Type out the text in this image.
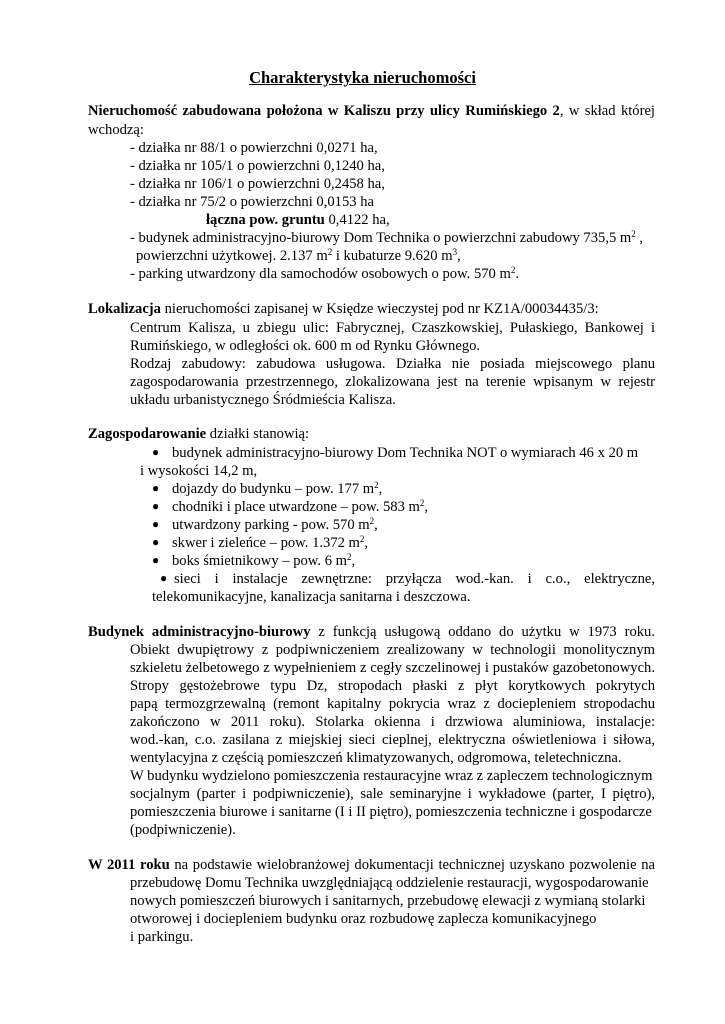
Charakterystyka nieruchomości
Nieruchomość zabudowana położona w Kaliszu przy ulicy Rumińskiego 2, w skład której
wchodzą:
- działka nr 88/1 o powierzchni 0,0271 ha,
- działka nr 105/1 o powierzchni 0,1240 ha,
- działka nr 106/1 o powierzchni 0,2458 ha,
- działka nr 75/2 o powierzchni 0,0153 ha
łączna pow. gruntu 0,4122 ha,
- budynek administracyjno-biurowy Dom Technika o powierzchni zabudowy 735,5 $m^2$ ,
powierzchni użytkowej. 2.137 $m^2$ i kubaturze 9.620 $m^3$,
- parking utwardzony dla samochodów osobowych o pow. 570 $m^2$.
Lokalizacja nieruchomości zapisanej w Księdze wieczystej pod nr KZ1A/00034435/3:
Centrum Kalisza, u zbiegu ulic: Fabrycznej, Czaszkowskiej, Pułaskiego, Bankowej i
Rumińskiego, w odległości ok. 600 m od Rynku Głównego.
Rodzaj zabudowy: zabudowa usługowa. Działka nie posiada miejscowego planu
zagospodarowania przestrzennego, zlokalizowana jest na terenie wpisanym w rejestr
układu urbanistycznego Śródmieścia Kalisza.
Zagospodarowanie działki stanowią:
● budynek administracyjno-biurowy Dom Technika NOT o wymiarach 46 x 20 m
i wysokości 14,2 m,
● dojazdy do budynku – pow. 177 $m^2$,
● chodniki i place utwardzone – pow. 583 $m^2$,
● utwardzony parking - pow. 570 $m^2$,
● skwer i zieleńce – pow. 1.372 $m^2$,
● boks śmietnikowy – pow. 6 $m^2$,
● sieci i instalacje zewnętrzne: przyłącza wod.-kan. i c.o., elektryczne,
telekomunikacyjne, kanalizacja sanitarna i deszczowa.
Budynek administracyjno-biurowy z funkcją usługową oddano do użytku w 1973 roku.
Obiekt dwupiętrowy z podpiwniczeniem zrealizowany w technologii monolitycznym
szkieletu żelbetowego z wypełnieniem z cegły szczelinowej i pustaków gazobetonowych.
Stropy gęstożebrowe typu Dz, stropodach płaski z płyt korytkowych pokrytych
papą termozgrzewalną (remont kapitalny pokrycia wraz z dociepleniem stropodachu
zakończono w 2011 roku). Stolarka okienna i drzwiowa aluminiowa, instalacje:
wod.-kan, c.o. zasilana z miejskiej sieci cieplnej, elektryczna oświetleniowa i siłowa,
wentylacyjna z częścią pomieszczeń klimatyzowanych, odgromowa, teletechniczna.
W budynku wydzielono pomieszczenia restauracyjne wraz z zapleczem technologicznym
socjalnym (parter i podpiwniczenie), sale seminaryjne i wykładowe (parter, I piętro),
pomieszczenia biurowe i sanitarne (I i II piętro), pomieszczenia techniczne i gospodarcze
(podpiwniczenie).
W 2011 roku na podstawie wielobranżowej dokumentacji technicznej uzyskano pozwolenie na
przebudowę Domu Technika uwzględniającą oddzielenie restauracji, wygospodarowanie
nowych pomieszczeń biurowych i sanitarnych, przebudowę elewacji z wymianą stolarki
otworowej i dociepleniem budynku oraz rozbudowę zaplecza komunikacyjnego
i parkingu.
